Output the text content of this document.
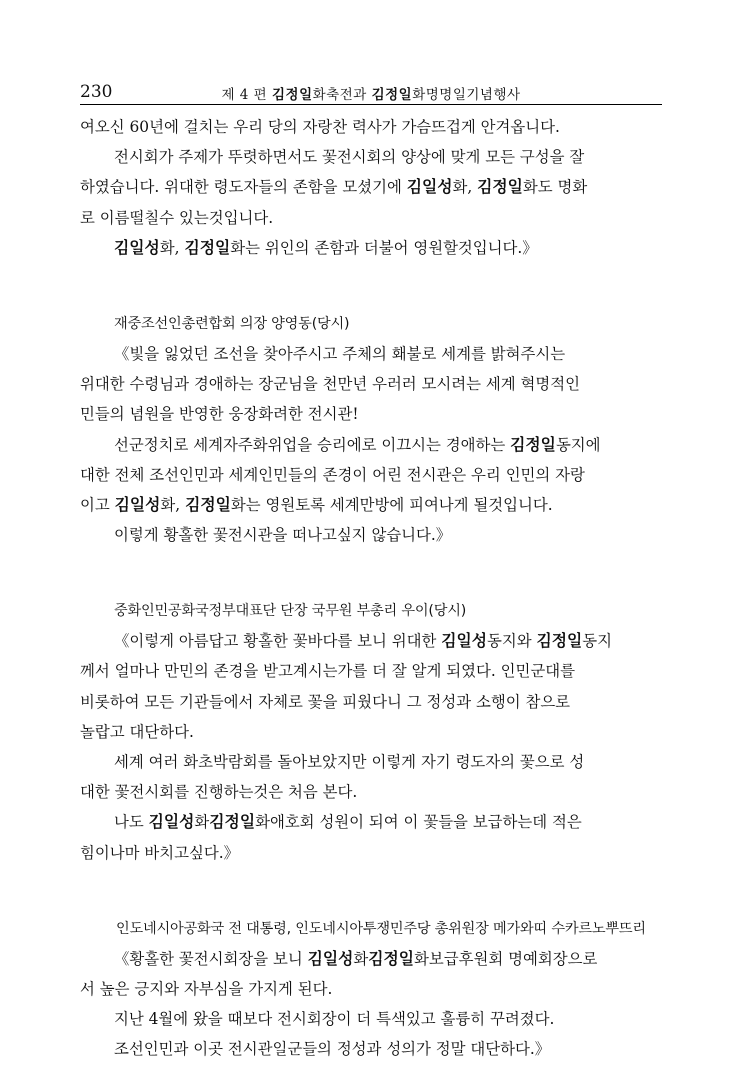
230	제 4 편 김정일화축전과 김정일화명명일기념행사
여오신 60년에 걸치는 우리 당의 자랑찬 력사가 가슴뜨겁게 안겨옵니다.
전시회가 주제가 뚜렷하면서도 꽃전시회의 양상에 맞게 모든 구성을 잘
하였습니다. 위대한 령도자들의 존함을 모셨기에 김일성화, 김정일화도 명화
로 이름떨칠수 있는것입니다.
김일성화, 김정일화는 위인의 존함과 더불어 영원할것입니다.》
재중조선인총련합회 의장 양영동(당시)
《빛을 잃었던 조선을 찾아주시고 주체의 홰불로 세계를 밝혀주시는
위대한 수령님과 경애하는 장군님을 천만년 우러러 모시려는 세계 혁명적인
민들의 념원을 반영한 웅장화려한 전시관!
선군정치로 세계자주화위업을 승리에로 이끄시는 경애하는 김정일동지에
대한 전체 조선인민과 세계인민들의 존경이 어린 전시관은 우리 인민의 자랑
이고 김일성화, 김정일화는 영원토록 세계만방에 피여나게 될것입니다.
이렇게 황홀한 꽃전시관을 떠나고싶지 않습니다.》
중화인민공화국정부대표단 단장 국무원 부총리 우이(당시)
《이렇게 아름답고 황홀한 꽃바다를 보니 위대한 김일성동지와 김정일동지
께서 얼마나 만민의 존경을 받고계시는가를 더 잘 알게 되였다. 인민군대를
비롯하여 모든 기관들에서 자체로 꽃을 피웠다니 그 정성과 소행이 참으로
놀랍고 대단하다.
세계 여러 화초박람회를 돌아보았지만 이렇게 자기 령도자의 꽃으로 성
대한 꽃전시회를 진행하는것은 처음 본다.
나도 김일성화김정일화애호회 성원이 되여 이 꽃들을 보급하는데 적은
힘이나마 바치고싶다.》
인도네시아공화국 전 대통령, 인도네시아투쟁민주당 총위원장 메가와띠 수카르노뿌뜨리
《황홀한 꽃전시회장을 보니 김일성화김정일화보급후원회 명예회장으로
서 높은 긍지와 자부심을 가지게 된다.
지난 4월에 왔을 때보다 전시회장이 더 특색있고 훌륭히 꾸려졌다.
조선인민과 이곳 전시관일군들의 정성과 성의가 정말 대단하다.》
